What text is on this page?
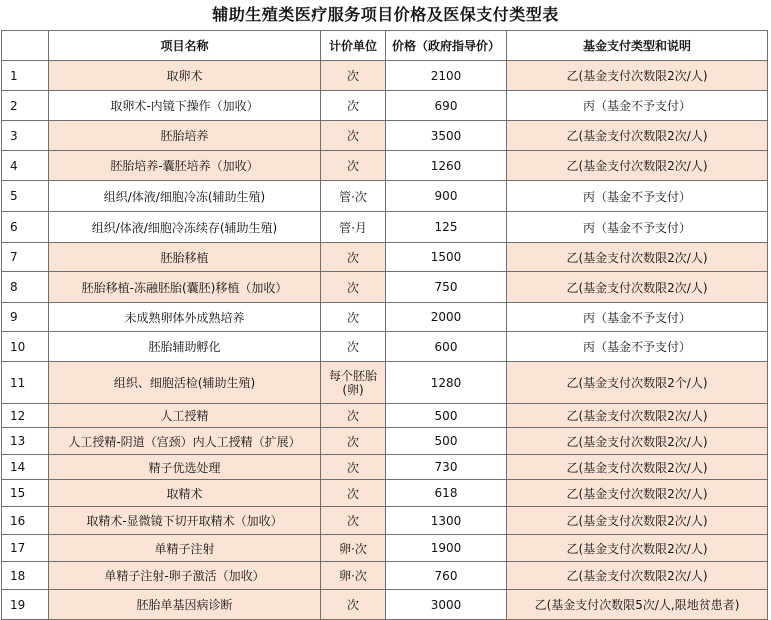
辅助生殖类医疗服务项目价格及医保支付类型表
	项目名称	计价单位	价格（政府指导价）	基金支付类型和说明
1	取卵术	次	2100	乙(基金支付次数限2次/人)
2	取卵术-内镜下操作（加收）	次	690	丙（基金不予支付）
3	胚胎培养	次	3500	乙(基金支付次数限2次/人)
4	胚胎培养-囊胚培养（加收）	次	1260	乙(基金支付次数限2次/人)
5	组织/体液/细胞冷冻(辅助生殖)	管·次	900	丙（基金不予支付）
6	组织/体液/细胞冷冻续存(辅助生殖)	管·月	125	丙（基金不予支付）
7	胚胎移植	次	1500	乙(基金支付次数限2次/人)
8	胚胎移植-冻融胚胎(囊胚)移植（加收）	次	750	乙(基金支付次数限2次/人)
9	未成熟卵体外成熟培养	次	2000	丙（基金不予支付）
10	胚胎辅助孵化	次	600	丙（基金不予支付）
11	组织、细胞活检(辅助生殖)	每个胚胎(卵)	1280	乙(基金支付次数限2个/人)
12	人工授精	次	500	乙(基金支付次数限2次/人)
13	人工授精-阴道（宫颈）内人工授精（扩展）	次	500	乙(基金支付次数限2次/人)
14	精子优选处理	次	730	乙(基金支付次数限2次/人)
15	取精术	次	618	乙(基金支付次数限2次/人)
16	取精术-显微镜下切开取精术（加收）	次	1300	乙(基金支付次数限2次/人)
17	单精子注射	卵·次	1900	乙(基金支付次数限2次/人)
18	单精子注射-卵子激活（加收）	卵·次	760	乙(基金支付次数限2次/人)
19	胚胎单基因病诊断	次	3000	乙(基金支付次数限5次/人,限地贫患者)
